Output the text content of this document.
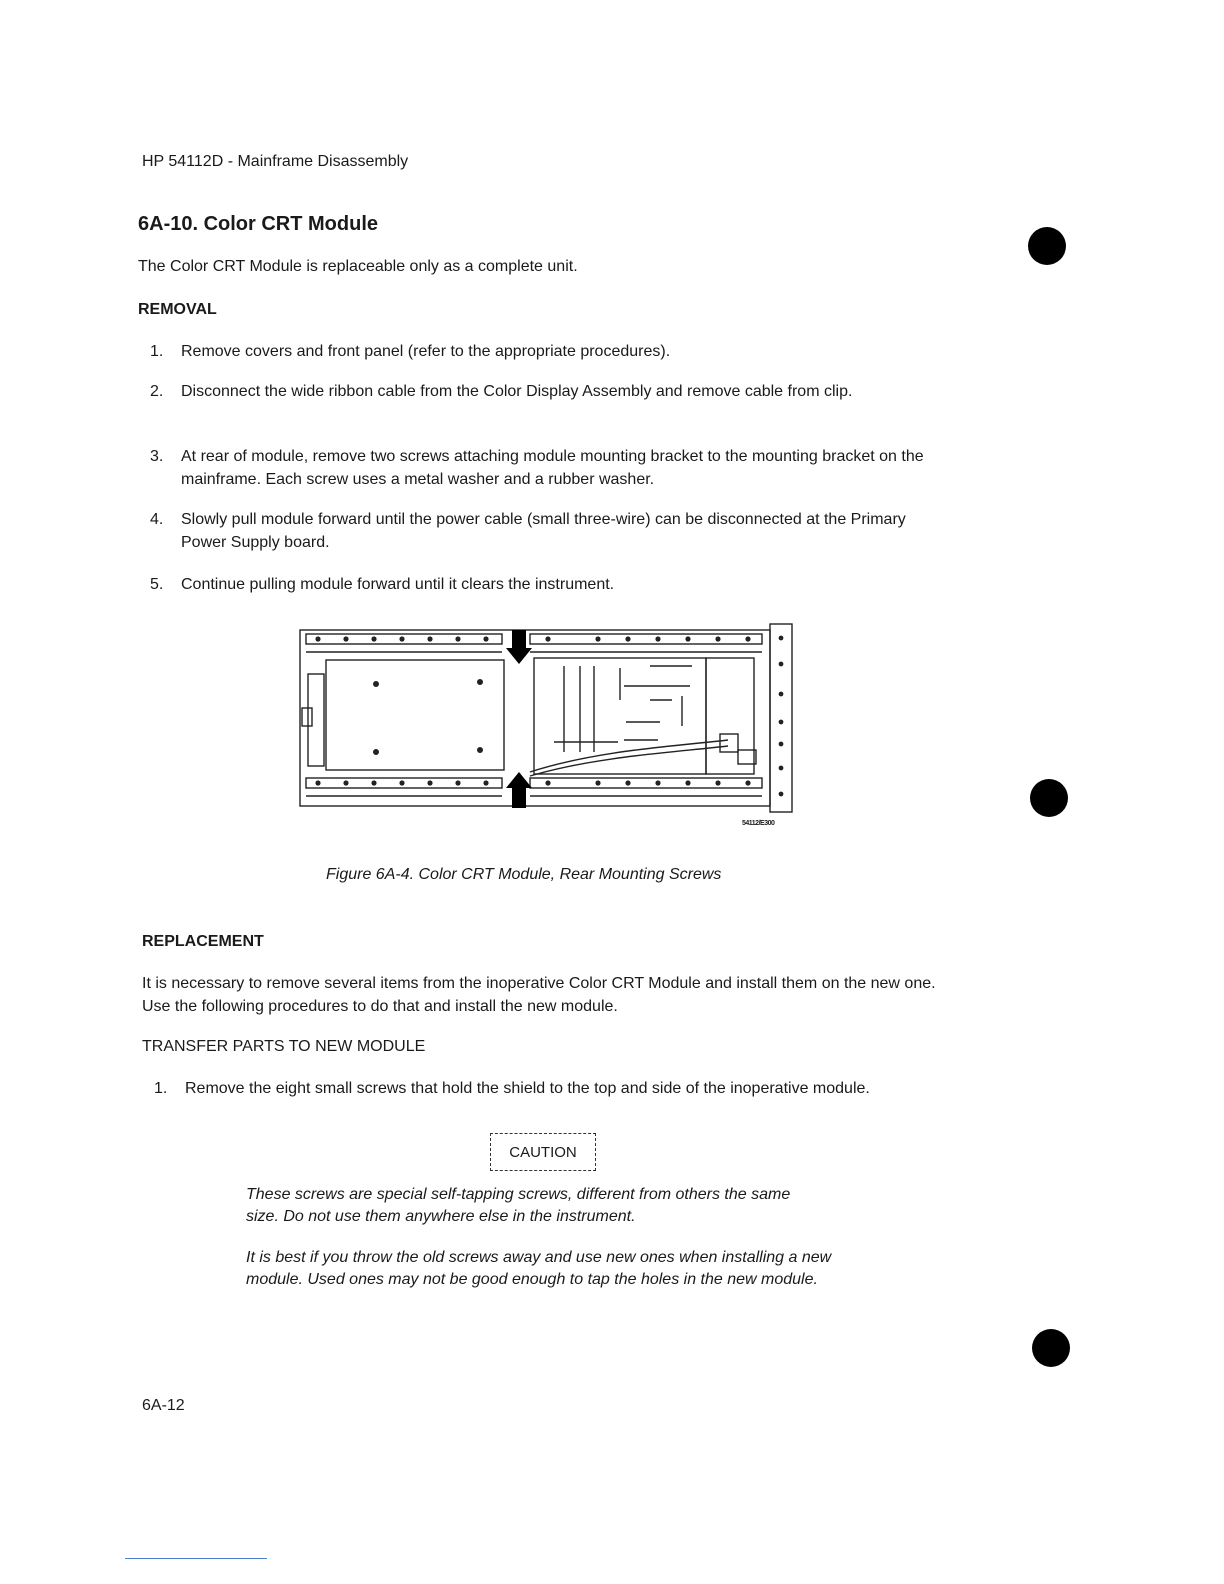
HP 54112D - Mainframe Disassembly
6A-10. Color CRT Module
The Color CRT Module is replaceable only as a complete unit.
REMOVAL
1. Remove covers and front panel (refer to the appropriate procedures).
2. Disconnect the wide ribbon cable from the Color Display Assembly and remove cable from clip.
3. At rear of module, remove two screws attaching module mounting bracket to the mounting bracket on the mainframe. Each screw uses a metal washer and a rubber washer.
4. Slowly pull module forward until the power cable (small three-wire) can be disconnected at the Primary Power Supply board.
5. Continue pulling module forward until it clears the instrument.
54112/E300
Figure 6A-4. Color CRT Module, Rear Mounting Screws
REPLACEMENT
It is necessary to remove several items from the inoperative Color CRT Module and install them on the new one. Use the following procedures to do that and install the new module.
TRANSFER PARTS TO NEW MODULE
1. Remove the eight small screws that hold the shield to the top and side of the inoperative module.
CAUTION
These screws are special self-tapping screws, different from others the same size. Do not use them anywhere else in the instrument.
It is best if you throw the old screws away and use new ones when installing a new module. Used ones may not be good enough to tap the holes in the new module.
6A-12
